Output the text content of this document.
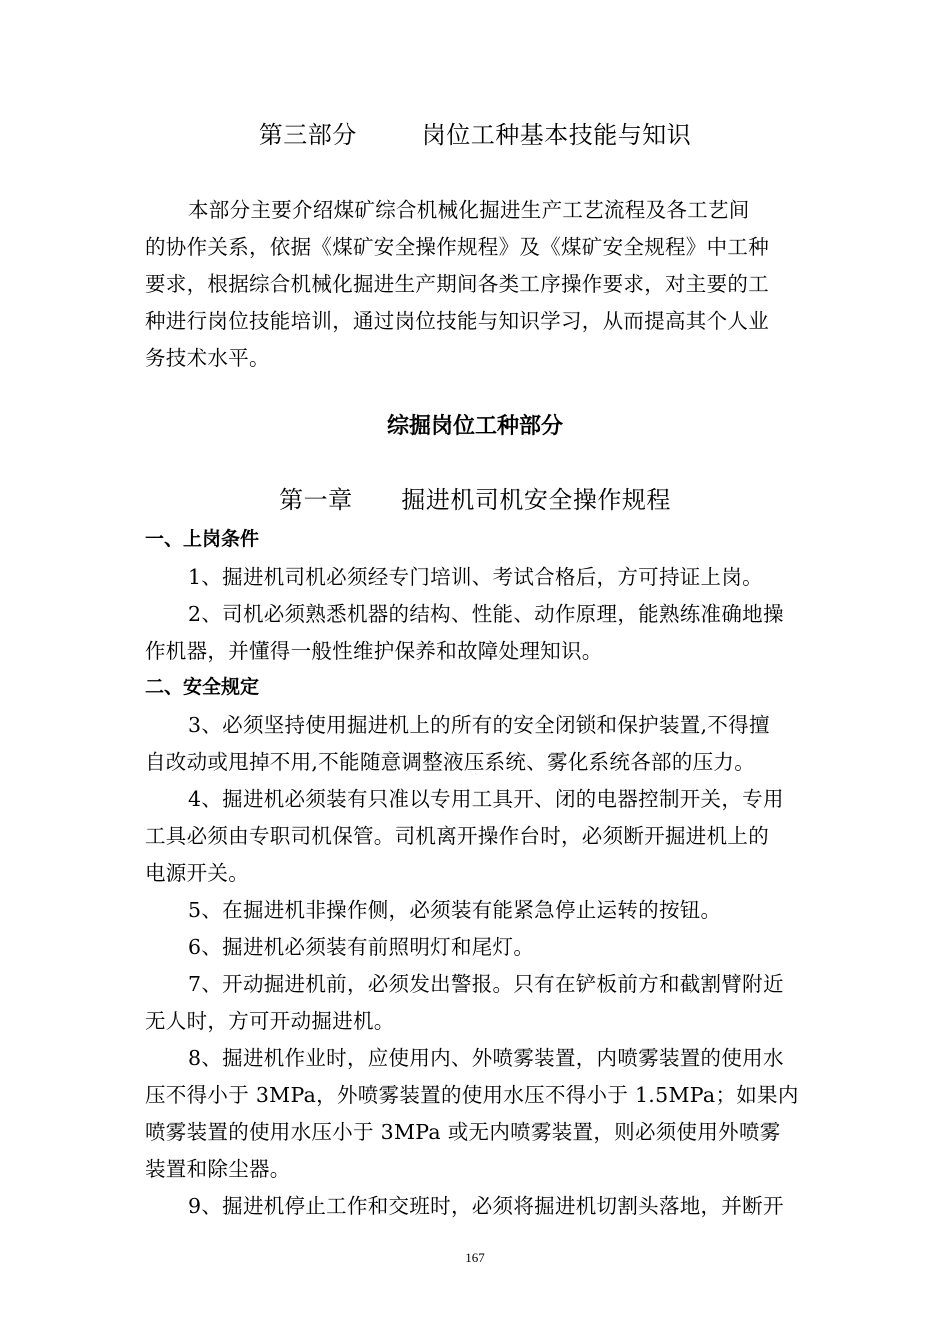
第三部分        岗位工种基本技能与知识
本部分主要介绍煤矿综合机械化掘进生产工艺流程及各工艺间
的协作关系，依据《煤矿安全操作规程》及《煤矿安全规程》中工种
要求，根据综合机械化掘进生产期间各类工序操作要求，对主要的工
种进行岗位技能培训，通过岗位技能与知识学习，从而提高其个人业
务技术水平。
综掘岗位工种部分
第一章      掘进机司机安全操作规程
一、上岗条件
1、掘进机司机必须经专门培训、考试合格后，方可持证上岗。
2、司机必须熟悉机器的结构、性能、动作原理，能熟练准确地操
作机器，并懂得一般性维护保养和故障处理知识。
二、安全规定
3、必须坚持使用掘进机上的所有的安全闭锁和保护装置,不得擅
自改动或甩掉不用,不能随意调整液压系统、雾化系统各部的压力。
4、掘进机必须装有只准以专用工具开、闭的电器控制开关，专用
工具必须由专职司机保管。司机离开操作台时，必须断开掘进机上的
电源开关。
5、在掘进机非操作侧，必须装有能紧急停止运转的按钮。
6、掘进机必须装有前照明灯和尾灯。
7、开动掘进机前，必须发出警报。只有在铲板前方和截割臂附近
无人时，方可开动掘进机。
8、掘进机作业时，应使用内、外喷雾装置，内喷雾装置的使用水
压不得小于 3MPa，外喷雾装置的使用水压不得小于 1.5MPa；如果内
喷雾装置的使用水压小于 3MPa 或无内喷雾装置，则必须使用外喷雾
装置和除尘器。
9、掘进机停止工作和交班时，必须将掘进机切割头落地，并断开
167
